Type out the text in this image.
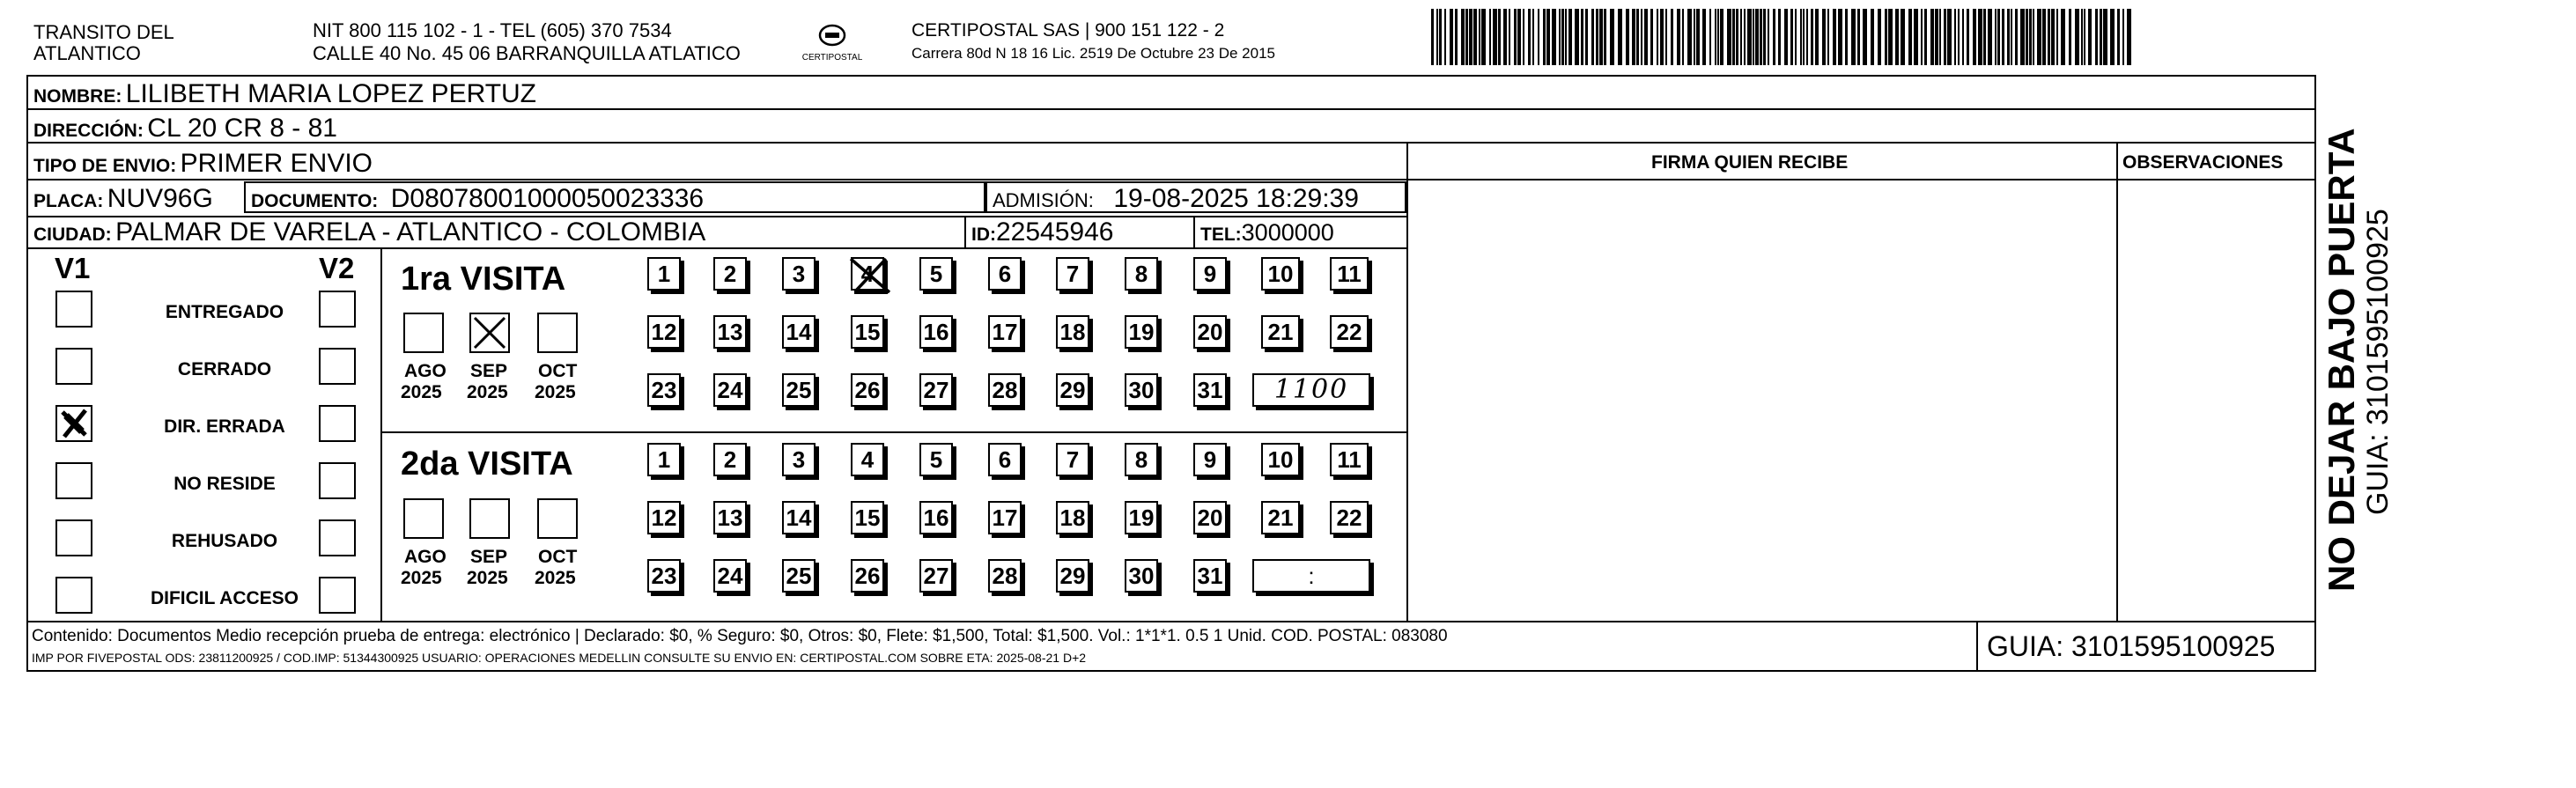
TRANSITO DEL
ATLANTICO
NIT 800 115 102 - 1 - TEL (605) 370 7534
CALLE 40 No. 45 06 BARRANQUILLA ATLATICO	CERTIPOSTAL
CERTIPOSTAL SAS | 900 151 122 - 2
Carrera 80d N 18 16 Lic. 2519 De Octubre 23 De 2015
NOMBRE: LILIBETH MARIA LOPEZ PERTUZ
DIRECCIÓN: CL 20 CR 8 - 81
TIPO DE ENVIO: PRIMER ENVIO	FIRMA QUIEN RECIBE	OBSERVACIONES
PLACA: NUV96G DOCUMENTO: D08078001000050023336	ADMISIÓN: 19-08-2025 18:29:39
CIUDAD: PALMAR DE VARELA - ATLANTICO - COLOMBIA	ID:22545946	TEL:3000000
V1	V2
ENTREGADO
CERRADO
DIR. ERRADA
NO RESIDE
REHUSADO
DIFICIL ACCESO
1ra VISITA
AGO
2025
SEP
2025
OCT
2025
1	2	3	4	5	6	7	8	9	10	11
12 13 14 15 16 17 18 19 20 21 22
23 24 25 26 27 28 29 30 31	1100
2da VISITA
AGO
2025
SEP
2025
OCT
2025
1	2	3	4	5	6	7	8	9	10	11
12 13 14 15 16 17 18 19 20 21 22
23 24 25 26 27 28 29 30 31	:
Contenido: Documentos Medio recepción prueba de entrega: electrónico | Declarado: $0, % Seguro: $0, Otros: $0, Flete: $1,500, Total: $1,500. Vol.: 1*1*1. 0.5 1 Unid. COD. POSTAL: 083080
IMP POR FIVEPOSTAL ODS: 23811200925 / COD.IMP: 51344300925 USUARIO: OPERACIONES MEDELLIN CONSULTE SU ENVIO EN: CERTIPOSTAL.COM SOBRE ETA: 2025-08-21 D+2	GUIA: 3101595100925
NO DEJAR BAJO PUERTA GUIA: 3101595100925
